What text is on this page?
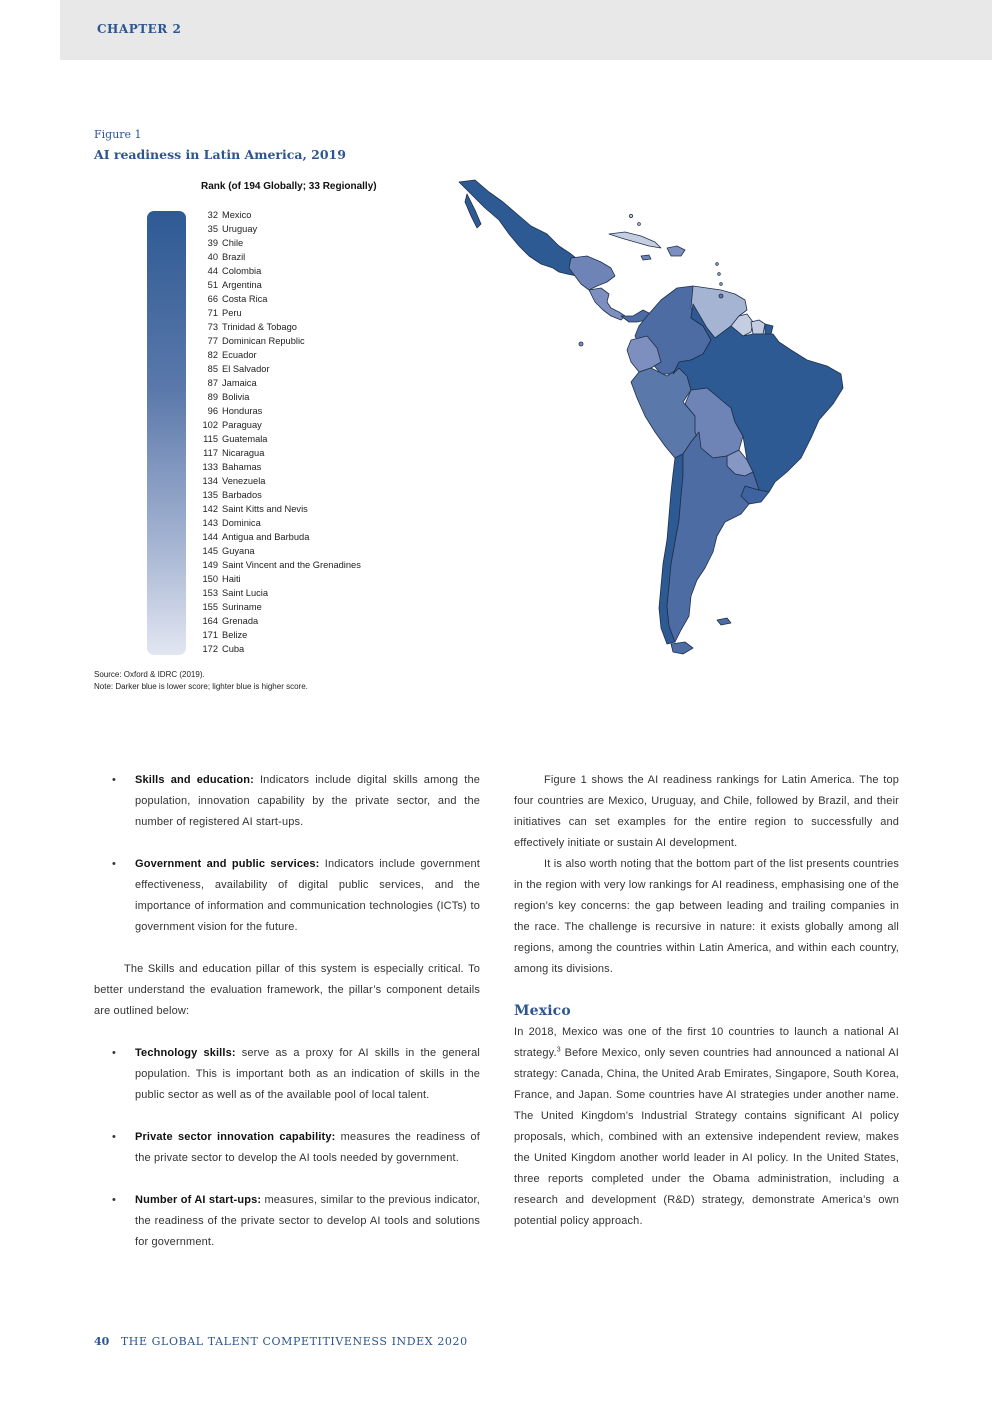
CHAPTER 2
Figure 1
AI readiness in Latin America, 2019
Rank (of 194 Globally; 33 Regionally)
32 Mexico
35 Uruguay
39 Chile
40 Brazil
44 Colombia
51 Argentina
66 Costa Rica
71 Peru
73 Trinidad & Tobago
77 Dominican Republic
82 Ecuador
85 El Salvador
87 Jamaica
89 Bolivia
96 Honduras
102 Paraguay
115 Guatemala
117 Nicaragua
133 Bahamas
134 Venezuela
135 Barbados
142 Saint Kitts and Nevis
143 Dominica
144 Antigua and Barbuda
145 Guyana
149 Saint Vincent and the Grenadines
150 Haiti
153 Saint Lucia
155 Suriname
164 Grenada
171 Belize
172 Cuba
Source: Oxford & IDRC (2019).
Note: Darker blue is lower score; lighter blue is higher score.
• Skills and education: Indicators include digital skills among the population, innovation capability by the private sector, and the number of registered AI start-ups.
• Government and public services: Indicators include government effectiveness, availability of digital public services, and the importance of information and communication technologies (ICTs) to government vision for the future.

The Skills and education pillar of this system is especially critical. To better understand the evaluation framework, the pillar’s component details are outlined below:

• Technology skills: serve as a proxy for AI skills in the general population. This is important both as an indication of skills in the public sector as well as of the available pool of local talent.
• Private sector innovation capability: measures the readiness of the private sector to develop the AI tools needed by government.
• Number of AI start-ups: measures, similar to the previous indicator, the readiness of the private sector to develop AI tools and solutions for government.

Figure 1 shows the AI readiness rankings for Latin America. The top four countries are Mexico, Uruguay, and Chile, followed by Brazil, and their initiatives can set examples for the entire region to successfully and effectively initiate or sustain AI development.

It is also worth noting that the bottom part of the list presents countries in the region with very low rankings for AI readiness, emphasising one of the region’s key concerns: the gap between leading and trailing companies in the race. The challenge is recursive in nature: it exists globally among all regions, among the countries within Latin America, and within each country, among its divisions.

Mexico

In 2018, Mexico was one of the first 10 countries to launch a national AI strategy.$^3$ Before Mexico, only seven countries had announced a national AI strategy: Canada, China, the United Arab Emirates, Singapore, South Korea, France, and Japan. Some countries have AI strategies under another name. The United Kingdom’s Industrial Strategy contains significant AI policy proposals, which, combined with an extensive independent review, makes the United Kingdom another world leader in AI policy. In the United States, three reports completed under the Obama administration, including a research and development (R&D) strategy, demonstrate America’s own potential policy approach.

40 THE GLOBAL TALENT COMPETITIVENESS INDEX 2020
